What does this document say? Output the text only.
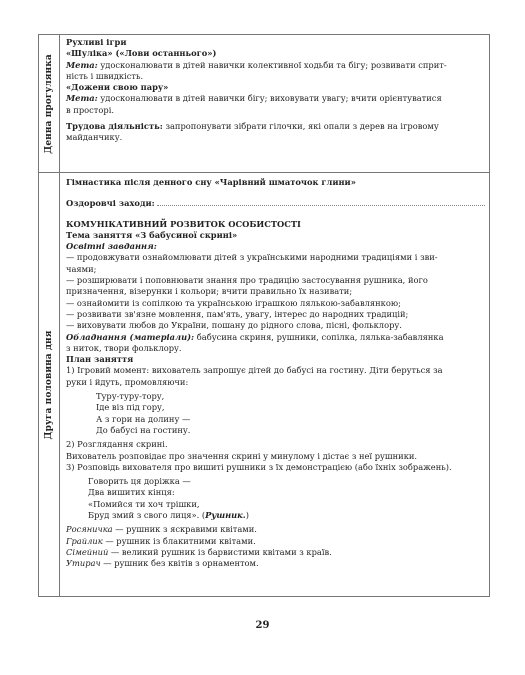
Денна прогулянка

Рухливі ігри

«Шуліка» («Лови останнього»)

Мета: удосконалювати в дітей навички колективної ходьби та бігу; розвивати сприт-

ність і швидкість.

«Дожени свою пару»

Мета: удосконалювати в дітей навички бігу; виховувати увагу; вчити орієнтуватися

в просторі.

Трудова діяльність: запропонувати зібрати гілочки, які опали з дерев на ігровому

майданчику.

Друга половина дня

Гімнастика після денного сну «Чарівний шматочок глини»

Оздоровчі заходи:

КОМУНІКАТИВНИЙ РОЗВИТОК ОСОБИСТОСТІ

Тема заняття «З бабусиної скрині»

Освітні завдання:

— продовжувати ознайомлювати дітей з українськими народними традиціями і зви-

чаями;

— розширювати і поповнювати знання про традицію застосування рушника, його

призначення, візерунки і кольори; вчити правильно їх називати;

— ознайомити із сопілкою та українською іграшкою лялькою-забавлянкою;

— розвивати зв'язне мовлення, пам'ять, увагу, інтерес до народних традицій;

— виховувати любов до України, пошану до рідного слова, пісні, фольклору.

Обладнання (матеріали): бабусина скриня, рушники, сопілка, лялька-забавлянка

з ниток, твори фольклору.

План заняття

1) Ігровий момент: вихователь запрошує дітей до бабусі на гостину. Діти беруться за

руки і йдуть, промовляючи:

Туру-туру-тору,

Іде віз під гору,

А з гори на долину —

До бабусі на гостину.

2) Розглядання скрині.

Вихователь розповідає про значення скрині у минулому і дістає з неї рушники.

3) Розповідь вихователя про вишиті рушники з їх демонстрацією (або їхніх зображень).

Говорить ця доріжка —

Два вишитих кінця:

«Помийся ти хоч трішки,

Бруд змий з свого лиця». (Рушник.)

Росяничка — рушник з яскравими квітами.

Грайлик — рушник із блакитними квітами.

Сімейний — великий рушник із барвистими квітами з країв.

Утирач — рушник без квітів з орнаментом.

29
